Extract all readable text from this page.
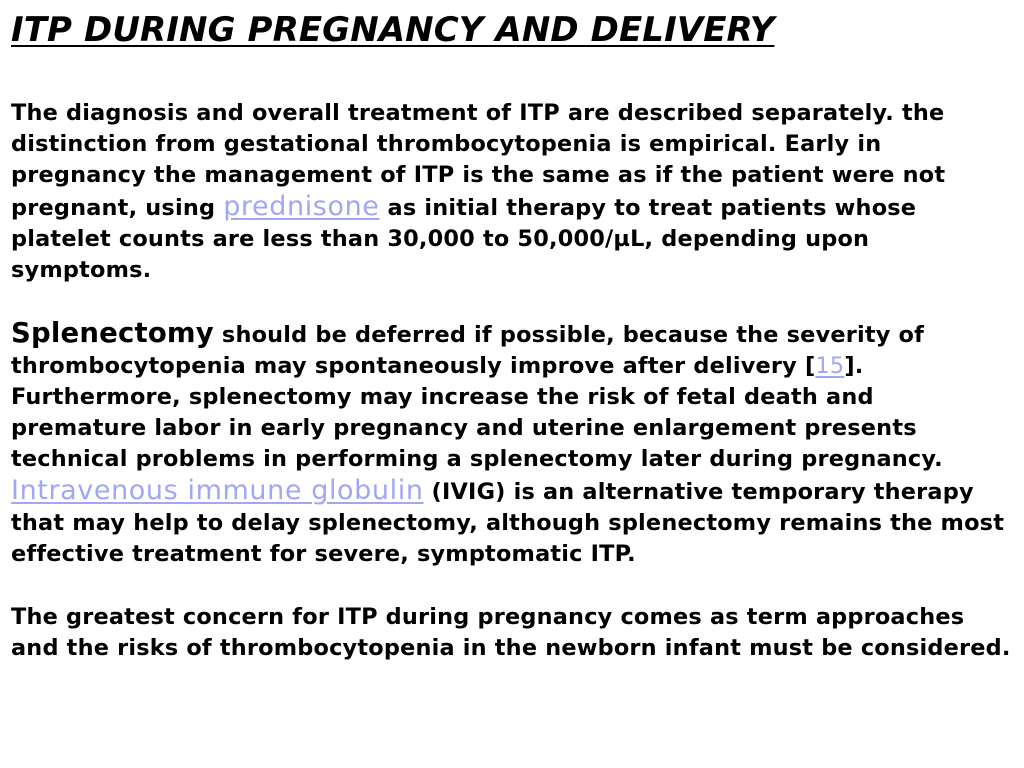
ITP DURING PREGNANCY AND DELIVERY

The diagnosis and overall treatment of ITP are described separately. the distinction from gestational thrombocytopenia is empirical. Early in pregnancy the management of ITP is the same as if the patient were not pregnant, using prednisone as initial therapy to treat patients whose platelet counts are less than 30,000 to 50,000/µL, depending upon symptoms.

Splenectomy should be deferred if possible, because the severity of thrombocytopenia may spontaneously improve after delivery [15]. Furthermore, splenectomy may increase the risk of fetal death and premature labor in early pregnancy and uterine enlargement presents technical problems in performing a splenectomy later during pregnancy.

Intravenous immune globulin (IVIG) is an alternative temporary therapy that may help to delay splenectomy, although splenectomy remains the most effective treatment for severe, symptomatic ITP.

The greatest concern for ITP during pregnancy comes as term approaches and the risks of thrombocytopenia in the newborn infant must be considered.
